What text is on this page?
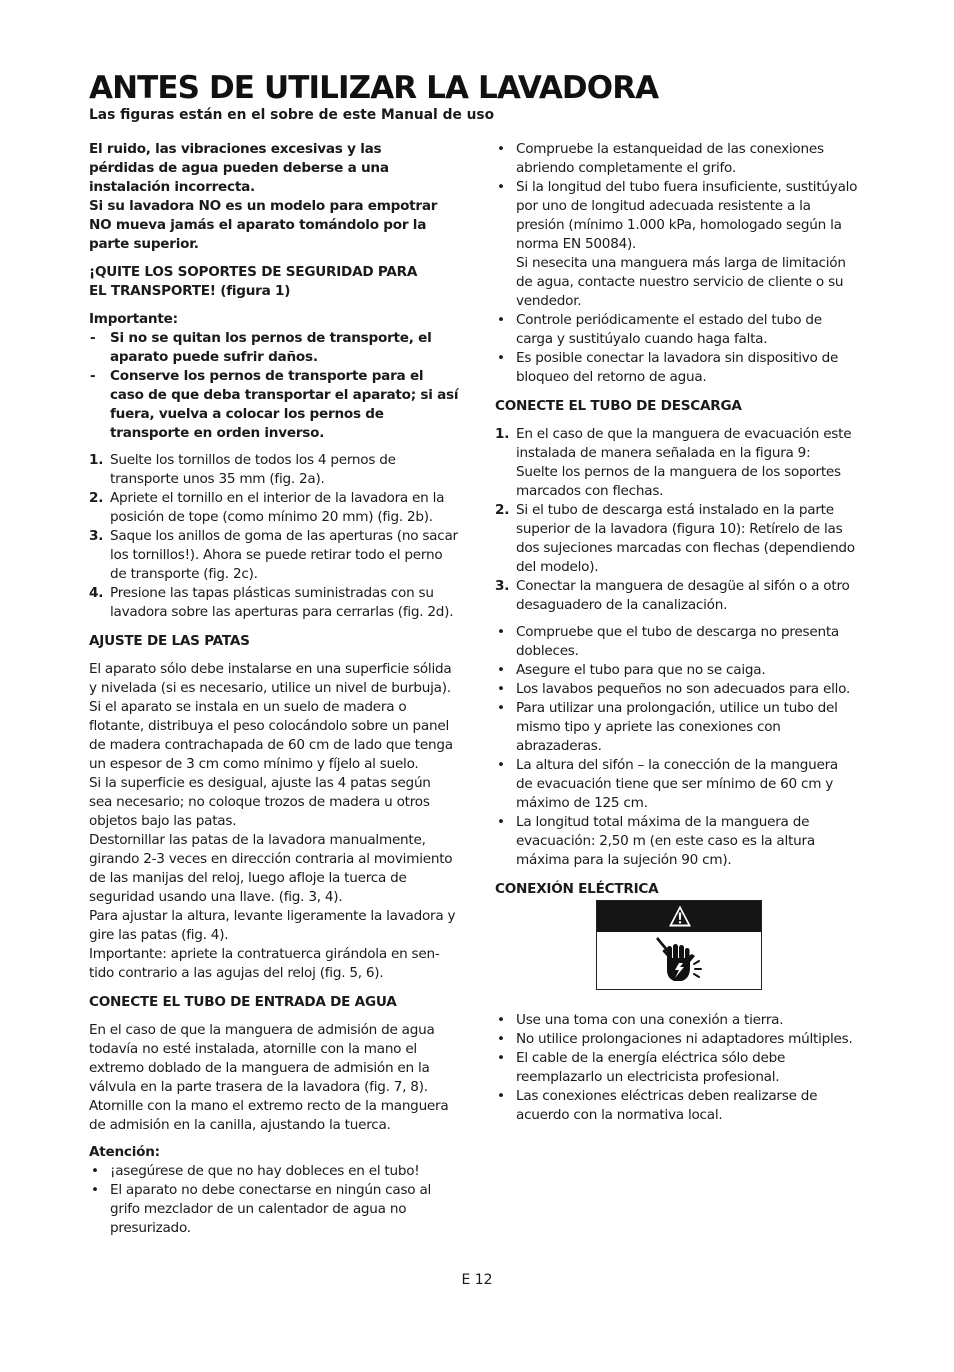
ANTES DE UTILIZAR LA LAVADORA

Las figuras están en el sobre de este Manual de uso

El ruido, las vibraciones excesivas y las
pérdidas de agua pueden deberse a una
instalación incorrecta.
Si su lavadora NO es un modelo para empotrar
NO mueva jamás el aparato tomándolo por la
parte superior.

¡QUITE LOS SOPORTES DE SEGURIDAD PARA
EL TRANSPORTE! (figura 1)

Importante:

- Si no se quitan los pernos de transporte, el
aparato puede sufrir daños.
- Conserve los pernos de transporte para el
caso de que deba transportar el aparato; si así
fuera, vuelva a colocar los pernos de
transporte en orden inverso.
1. Suelte los tornillos de todos los 4 pernos de
transporte unos 35 mm (fig. 2a).
2. Apriete el tornillo en el interior de la lavadora en la
posición de tope (como mínimo 20 mm) (fig. 2b).
3. Saque los anillos de goma de las aperturas (no sacar
los tornillos!). Ahora se puede retirar todo el perno
de transporte (fig. 2c).
4. Presione las tapas plásticas suministradas con su
lavadora sobre las aperturas para cerrarlas (fig. 2d).

AJUSTE DE LAS PATAS

El aparato sólo debe instalarse en una superficie sólida
y nivelada (si es necesario, utilice un nivel de burbuja).
Si el aparato se instala en un suelo de madera o
flotante, distribuya el peso colocándolo sobre un panel
de madera contrachapada de 60 cm de lado que tenga
un espesor de 3 cm como mínimo y fíjelo al suelo.
Si la superficie es desigual, ajuste las 4 patas según
sea necesario; no coloque trozos de madera u otros
objetos bajo las patas.
Destornillar las patas de la lavadora manualmente,
girando 2-3 veces en dirección contraria al movimiento
de las manijas del reloj, luego afloje la tuerca de
seguridad usando una llave. (fig. 3, 4).
Para ajustar la altura, levante ligeramente la lavadora y
gire las patas (fig. 4).
Importante: apriete la contratuerca girándola en sen-
tido contrario a las agujas del reloj (fig. 5, 6).

CONECTE EL TUBO DE ENTRADA DE AGUA

En el caso de que la manguera de admisión de agua
todavía no esté instalada, atornille con la mano el
extremo doblado de la manguera de admisión en la
válvula en la parte trasera de la lavadora (fig. 7, 8).
Atornille con la mano el extremo recto de la manguera
de admisión en la canilla, ajustando la tuerca.

Atención:

• ¡asegúrese de que no hay dobleces en el tubo!
• El aparato no debe conectarse en ningún caso al
grifo mezclador de un calentador de agua no
presurizado.
• Compruebe la estanqueidad de las conexiones
abriendo completamente el grifo.
• Si la longitud del tubo fuera insuficiente, sustitúyalo
por uno de longitud adecuada resistente a la
presión (mínimo 1.000 kPa, homologado según la
norma EN 50084).
Si nesecita una manguera más larga de limitación
de agua, contacte nuestro servicio de cliente o su
vendedor.
• Controle periódicamente el estado del tubo de
carga y sustitúyalo cuando haga falta.
• Es posible conectar la lavadora sin dispositivo de
bloqueo del retorno de agua.

CONECTE EL TUBO DE DESCARGA

1. En el caso de que la manguera de evacuación este
instalada de manera señalada en la figura 9:
Suelte los pernos de la manguera de los soportes
marcados con flechas.
2. Si el tubo de descarga está instalado en la parte
superior de la lavadora (figura 10): Retírelo de las
dos sujeciones marcadas con flechas (dependiendo
del modelo).
3. Conectar la manguera de desagüe al sifón o a otro
desaguadero de la canalización.
• Compruebe que el tubo de descarga no presenta
dobleces.
• Asegure el tubo para que no se caiga.
• Los lavabos pequeños no son adecuados para ello.
• Para utilizar una prolongación, utilice un tubo del
mismo tipo y apriete las conexiones con abrazaderas.
• La altura del sifón – la conección de la manguera
de evacuación tiene que ser mínimo de 60 cm y
máximo de 125 cm.
• La longitud total máxima de la manguera de
evacuación: 2,50 m (en este caso es la altura
máxima para la sujeción 90 cm).

CONEXIÓN ELÉCTRICA

• Use una toma con una conexión a tierra.
• No utilice prolongaciones ni adaptadores múltiples.
• El cable de la energía eléctrica sólo debe
reemplazarlo un electricista profesional.
• Las conexiones eléctricas deben realizarse de
acuerdo con la normativa local.
E 12
